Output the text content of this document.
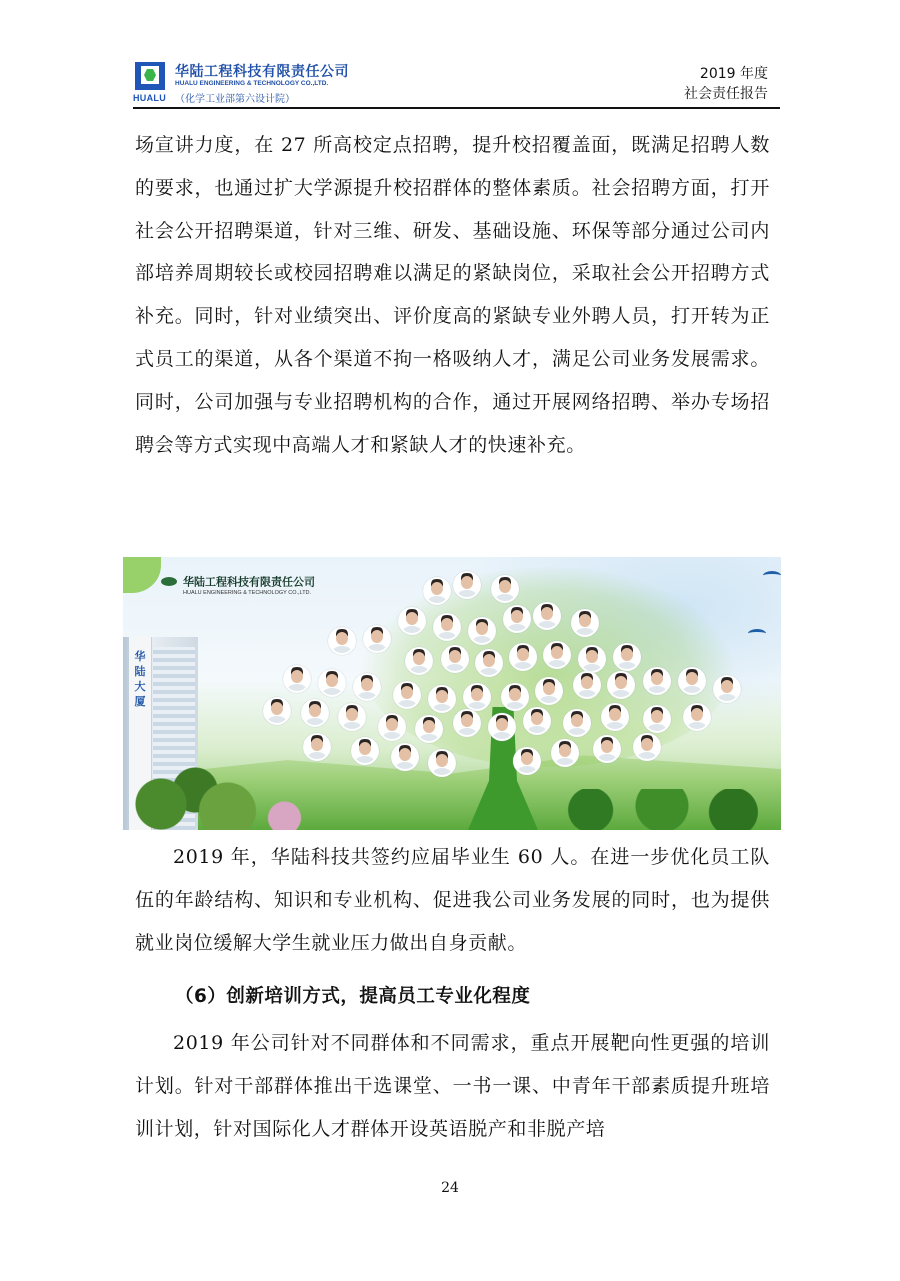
HUALU
华陆工程科技有限责任公司
HUALU ENGINEERING & TECHNOLOGY CO.,LTD.
（化学工业部第六设计院）
2019 年度
社会责任报告

场宣讲力度，在 27 所高校定点招聘，提升校招覆盖面，既满足招聘人数的要求，也通过扩大学源提升校招群体的整体素质。社会招聘方面，打开社会公开招聘渠道，针对三维、研发、基础设施、环保等部分通过公司内部培养周期较长或校园招聘难以满足的紧缺岗位，采取社会公开招聘方式补充。同时，针对业绩突出、评价度高的紧缺专业外聘人员，打开转为正式员工的渠道，从各个渠道不拘一格吸纳人才，满足公司业务发展需求。同时，公司加强与专业招聘机构的合作，通过开展网络招聘、举办专场招聘会等方式实现中高端人才和紧缺人才的快速补充。

华陆大厦
华陆工程科技有限责任公司
HUALU ENGINEERING & TECHNOLOGY CO.,LTD.

2019 年，华陆科技共签约应届毕业生 60 人。在进一步优化员工队伍的年龄结构、知识和专业机构、促进我公司业务发展的同时，也为提供就业岗位缓解大学生就业压力做出自身贡献。

（6）创新培训方式，提高员工专业化程度

2019 年公司针对不同群体和不同需求，重点开展靶向性更强的培训计划。针对干部群体推出干选课堂、一书一课、中青年干部素质提升班培训计划，针对国际化人才群体开设英语脱产和非脱产培

24
